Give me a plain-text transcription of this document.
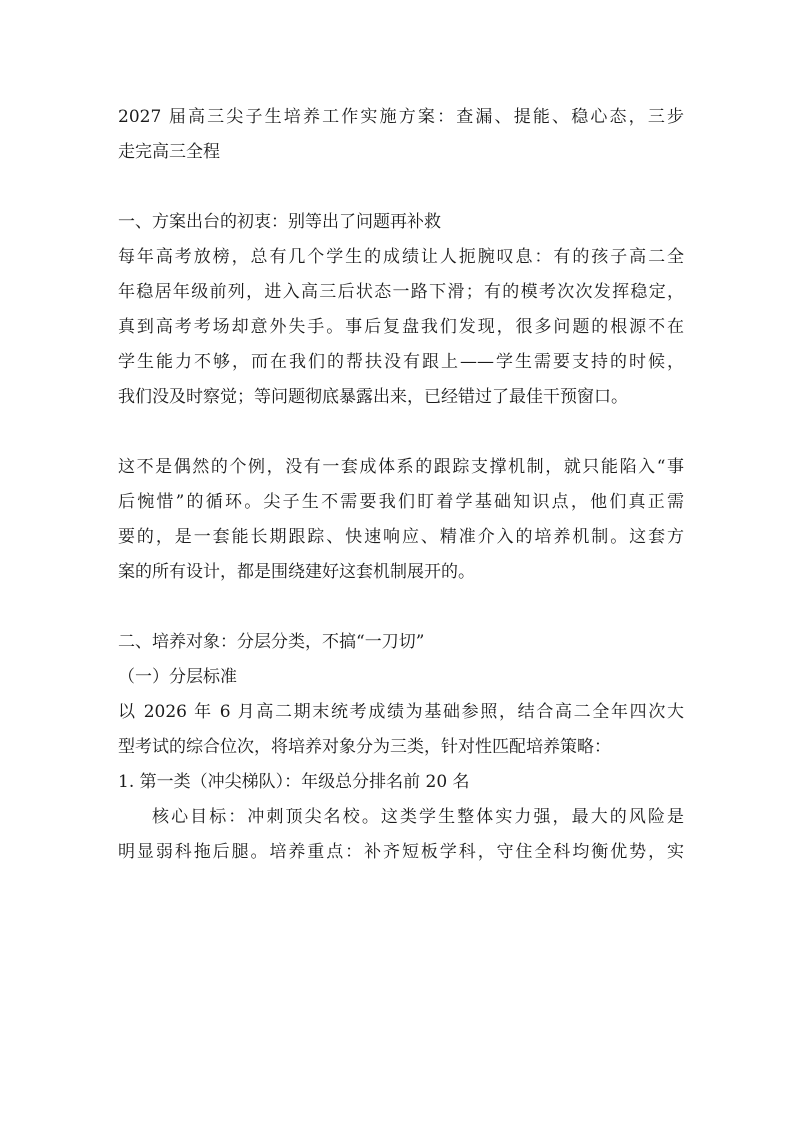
2027 届高三尖子生培养工作实施方案：查漏、提能、稳心态，三步
走完高三全程
一、方案出台的初衷：别等出了问题再补救
每年高考放榜，总有几个学生的成绩让人扼腕叹息：有的孩子高二全
年稳居年级前列，进入高三后状态一路下滑；有的模考次次发挥稳定，
真到高考考场却意外失手。事后复盘我们发现，很多问题的根源不在
学生能力不够，而在我们的帮扶没有跟上——学生需要支持的时候，
我们没及时察觉；等问题彻底暴露出来，已经错过了最佳干预窗口。
这不是偶然的个例，没有一套成体系的跟踪支撑机制，就只能陷入“事
后惋惜”的循环。尖子生不需要我们盯着学基础知识点，他们真正需
要的，是一套能长期跟踪、快速响应、精准介入的培养机制。这套方
案的所有设计，都是围绕建好这套机制展开的。
二、培养对象：分层分类，不搞“一刀切”
（一）分层标准
以 2026 年 6 月高二期末统考成绩为基础参照，结合高二全年四次大
型考试的综合位次，将培养对象分为三类，针对性匹配培养策略：
1. 第一类（冲尖梯队）：年级总分排名前 20 名
核心目标：冲刺顶尖名校。这类学生整体实力强，最大的风险是
明显弱科拖后腿。培养重点：补齐短板学科，守住全科均衡优势，实
